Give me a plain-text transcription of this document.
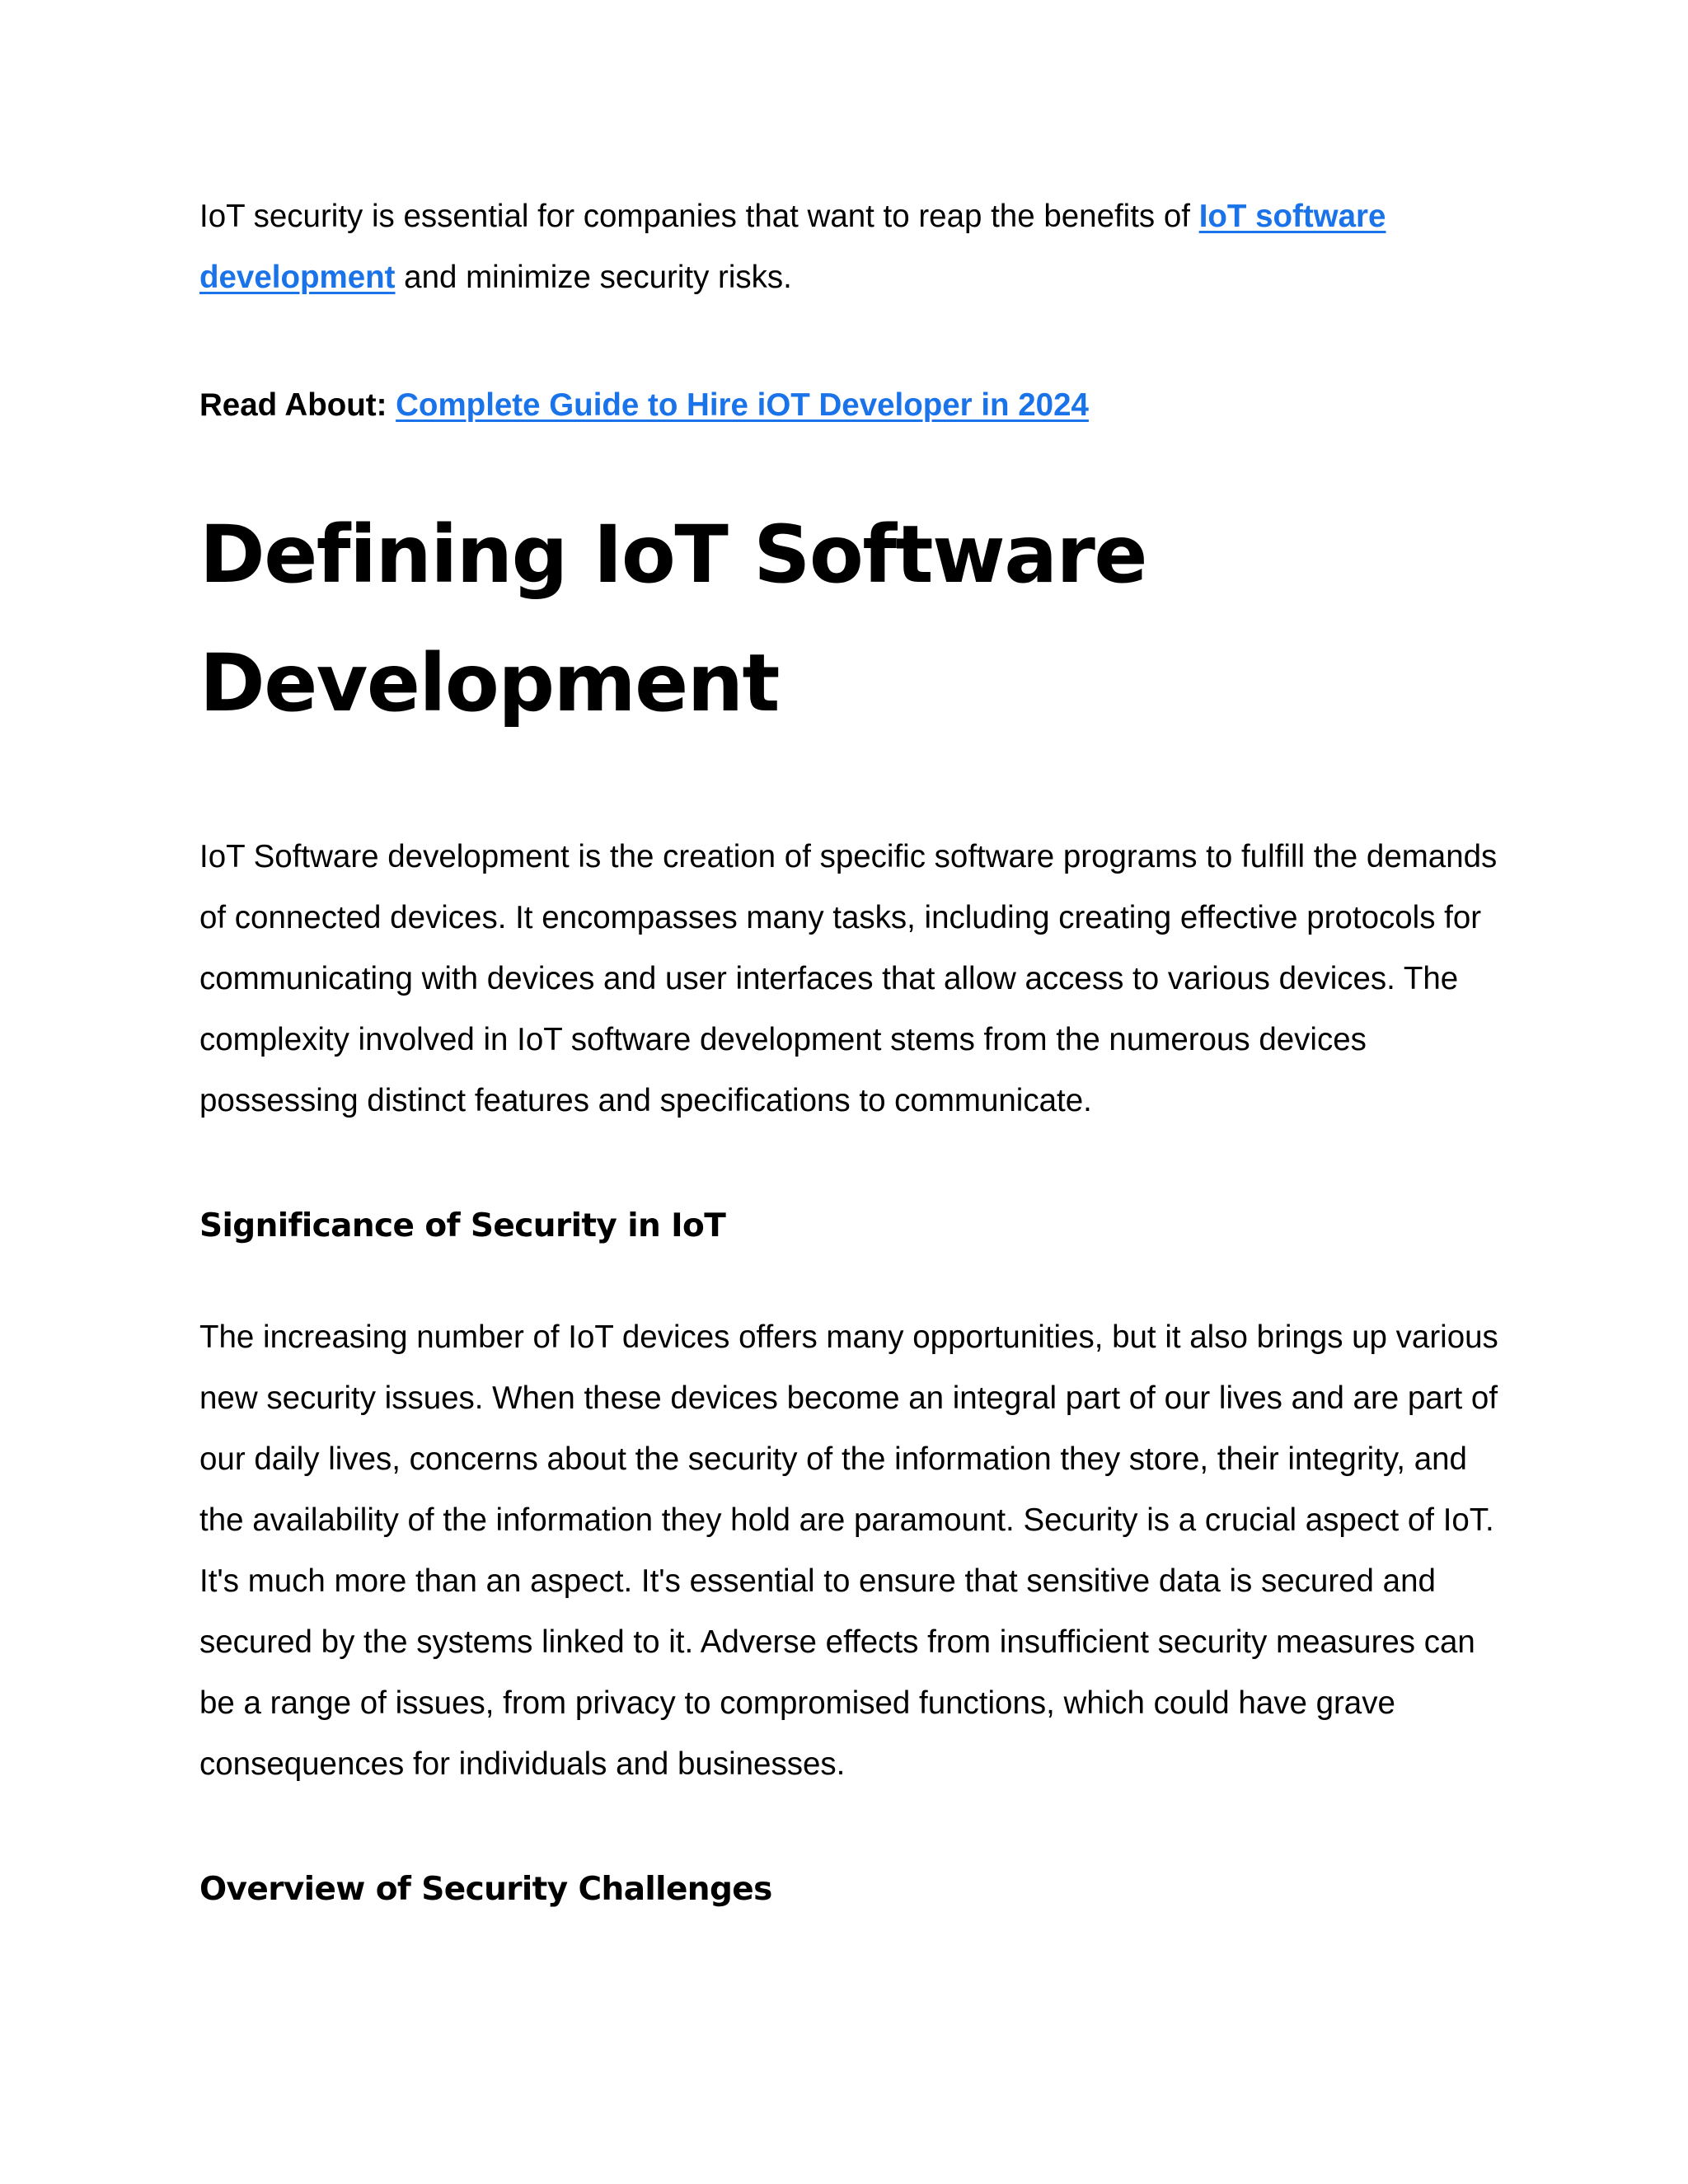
IoT security is essential for companies that want to reap the benefits of IoT software development and minimize security risks.

Read About: Complete Guide to Hire iOT Developer in 2024

Defining IoT Software Development

IoT Software development is the creation of specific software programs to fulfill the demands of connected devices. It encompasses many tasks, including creating effective protocols for communicating with devices and user interfaces that allow access to various devices. The complexity involved in IoT software development stems from the numerous devices possessing distinct features and specifications to communicate.

Significance of Security in IoT

The increasing number of IoT devices offers many opportunities, but it also brings up various new security issues. When these devices become an integral part of our lives and are part of our daily lives, concerns about the security of the information they store, their integrity, and the availability of the information they hold are paramount. Security is a crucial aspect of IoT. It's much more than an aspect. It's essential to ensure that sensitive data is secured and secured by the systems linked to it. Adverse effects from insufficient security measures can be a range of issues, from privacy to compromised functions, which could have grave consequences for individuals and businesses.

Overview of Security Challenges
